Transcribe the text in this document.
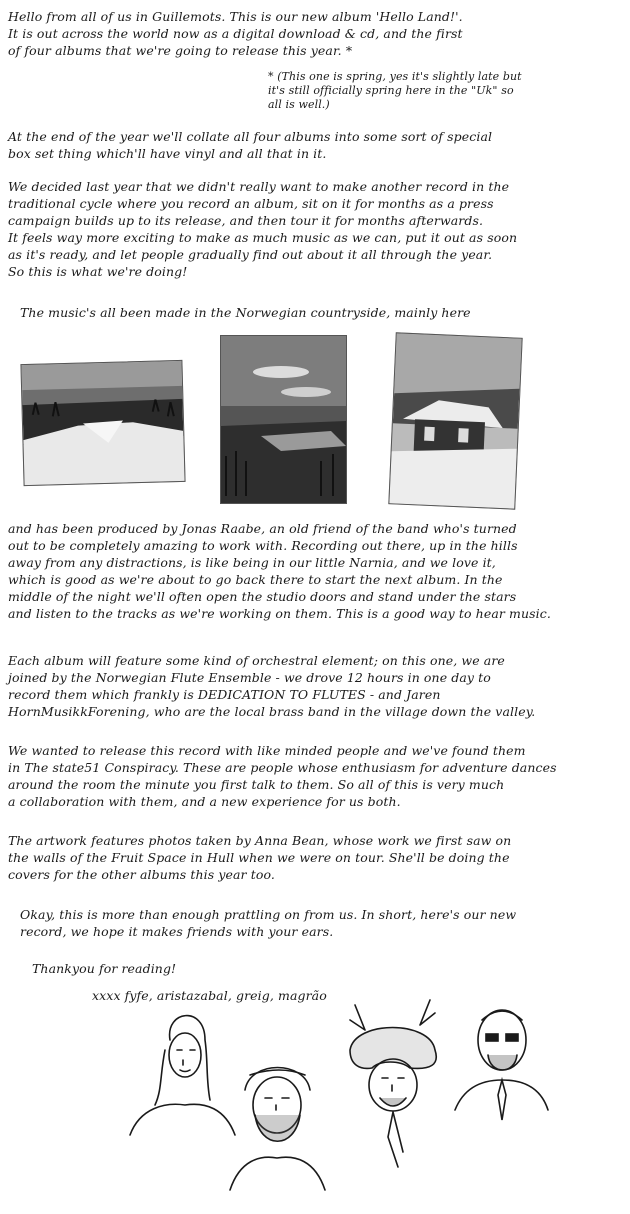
Hello from all of us in Guillemots. This is our new album 'Hello Land!'.
It is out across the world now as a digital download & cd, and the first
of four albums that we're going to release this year. *

* (This one is spring, yes it's slightly late but
it's still officially spring here in the "Uk" so
all is well.)

At the end of the year we'll collate all four albums into some sort of special
box set thing which'll have vinyl and all that in it.

We decided last year that we didn't really want to make another record in the
traditional cycle where you record an album, sit on it for months as a press
campaign builds up to its release, and then tour it for months afterwards.
It feels way more exciting to make as much music as we can, put it out as soon
as it's ready, and let people gradually find out about it all through the year.
So this is what we're doing!

The music's all been made in the Norwegian countryside, mainly here

and has been produced by Jonas Raabe, an old friend of the band who's turned
out to be completely amazing to work with. Recording out there, up in the hills
away from any distractions, is like being in our little Narnia, and we love it,
which is good as we're about to go back there to start the next album. In the
middle of the night we'll often open the studio doors and stand under the stars
and listen to the tracks as we're working on them. This is a good way to hear music.

Each album will feature some kind of orchestral element; on this one, we are
joined by the Norwegian Flute Ensemble - we drove 12 hours in one day to
record them which frankly is DEDICATION TO FLUTES - and Jaren
HornMusikkForening, who are the local brass band in the village down the valley.

We wanted to release this record with like minded people and we've found them
in The state51 Conspiracy. These are people whose enthusiasm for adventure dances
around the room the minute you first talk to them. So all of this is very much
a collaboration with them, and a new experience for us both.

The artwork features photos taken by Anna Bean, whose work we first saw on
the walls of the Fruit Space in Hull when we were on tour. She'll be doing the
covers for the other albums this year too.

Okay, this is more than enough prattling on from us. In short, here's our new
record, we hope it makes friends with your ears.

Thankyou for reading!

xxxx fyfe, aristazabal, greig, magrão
